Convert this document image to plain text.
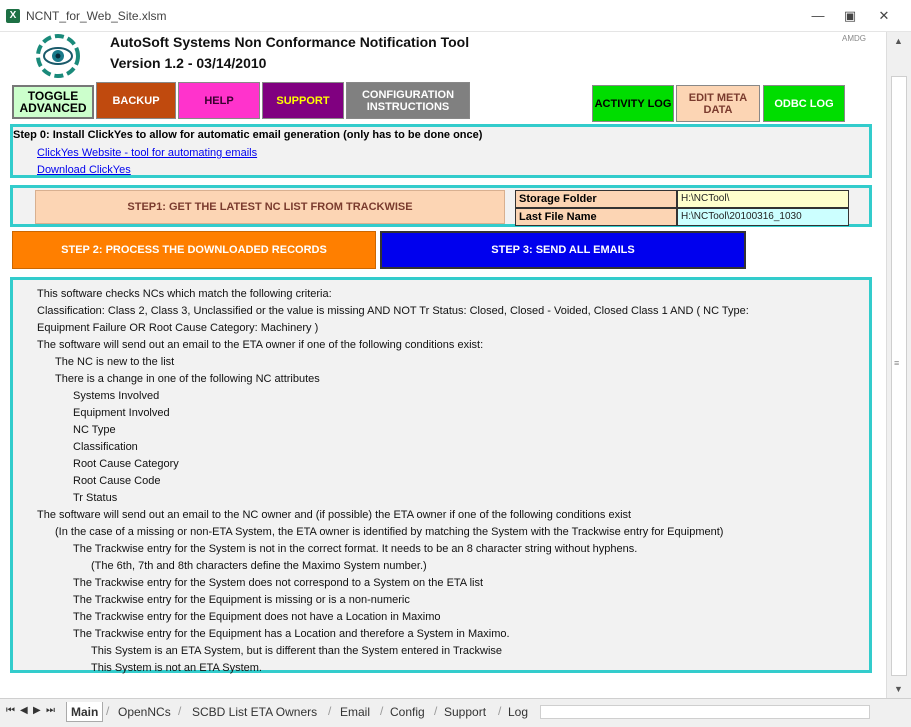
X NCNT_for_Web_Site.xlsm	—	▣	✕
AMDG
AutoSoft Systems Non Conformance Notification Tool
Version 1.2 - 03/14/2010
TOGGLE ADVANCED
BACKUP	HELP	SUPPORT	CONFIGURATION INSTRUCTIONS	ACTIVITY LOG	EDIT META DATA	ODBC LOG
Step 0: Install ClickYes to allow for automatic email generation (only has to be done once)
ClickYes Website - tool for automating emails
Download ClickYes
STEP1: GET THE LATEST NC LIST FROM TRACKWISE
Storage Folder	H:\NCTool\
Last File Name	H:\NCTool\20100316_1030
STEP 2: PROCESS THE DOWNLOADED RECORDS	STEP 3: SEND ALL EMAILS
This software checks NCs which match the following criteria:
Classification: Class 2, Class 3, Unclassified or the value is missing AND NOT Tr Status: Closed, Closed - Voided, Closed Class 1 AND ( NC Type:
Equipment Failure OR Root Cause Category: Machinery )
The software will send out an email to the ETA owner if one of the following conditions exist:
The NC is new to the list
There is a change in one of the following NC attributes
Systems Involved
Equipment Involved
NC Type
Classification
Root Cause Category
Root Cause Code
Tr Status
The software will send out an email to the NC owner and (if possible) the ETA owner if one of the following conditions exist
(In the case of a missing or non-ETA System, the ETA owner is identified by matching the System with the Trackwise entry for Equipment)
The Trackwise entry for the System is not in the correct format. It needs to be an 8 character string without hyphens.
(The 6th, 7th and 8th characters define the Maximo System number.)
The Trackwise entry for the System does not correspond to a System on the ETA list
The Trackwise entry for the Equipment is missing or is a non-numeric
The Trackwise entry for the Equipment does not have a Location in Maximo
The Trackwise entry for the Equipment has a Location and therefore a System in Maximo.
This System is an ETA System, but is different than the System entered in Trackwise
This System is not an ETA System.
▲
≡
▼
⏮ ◀ ▶ ⏭	Main / OpenNCs / SCBD List ETA Owners / Email / Config / Support / Log
